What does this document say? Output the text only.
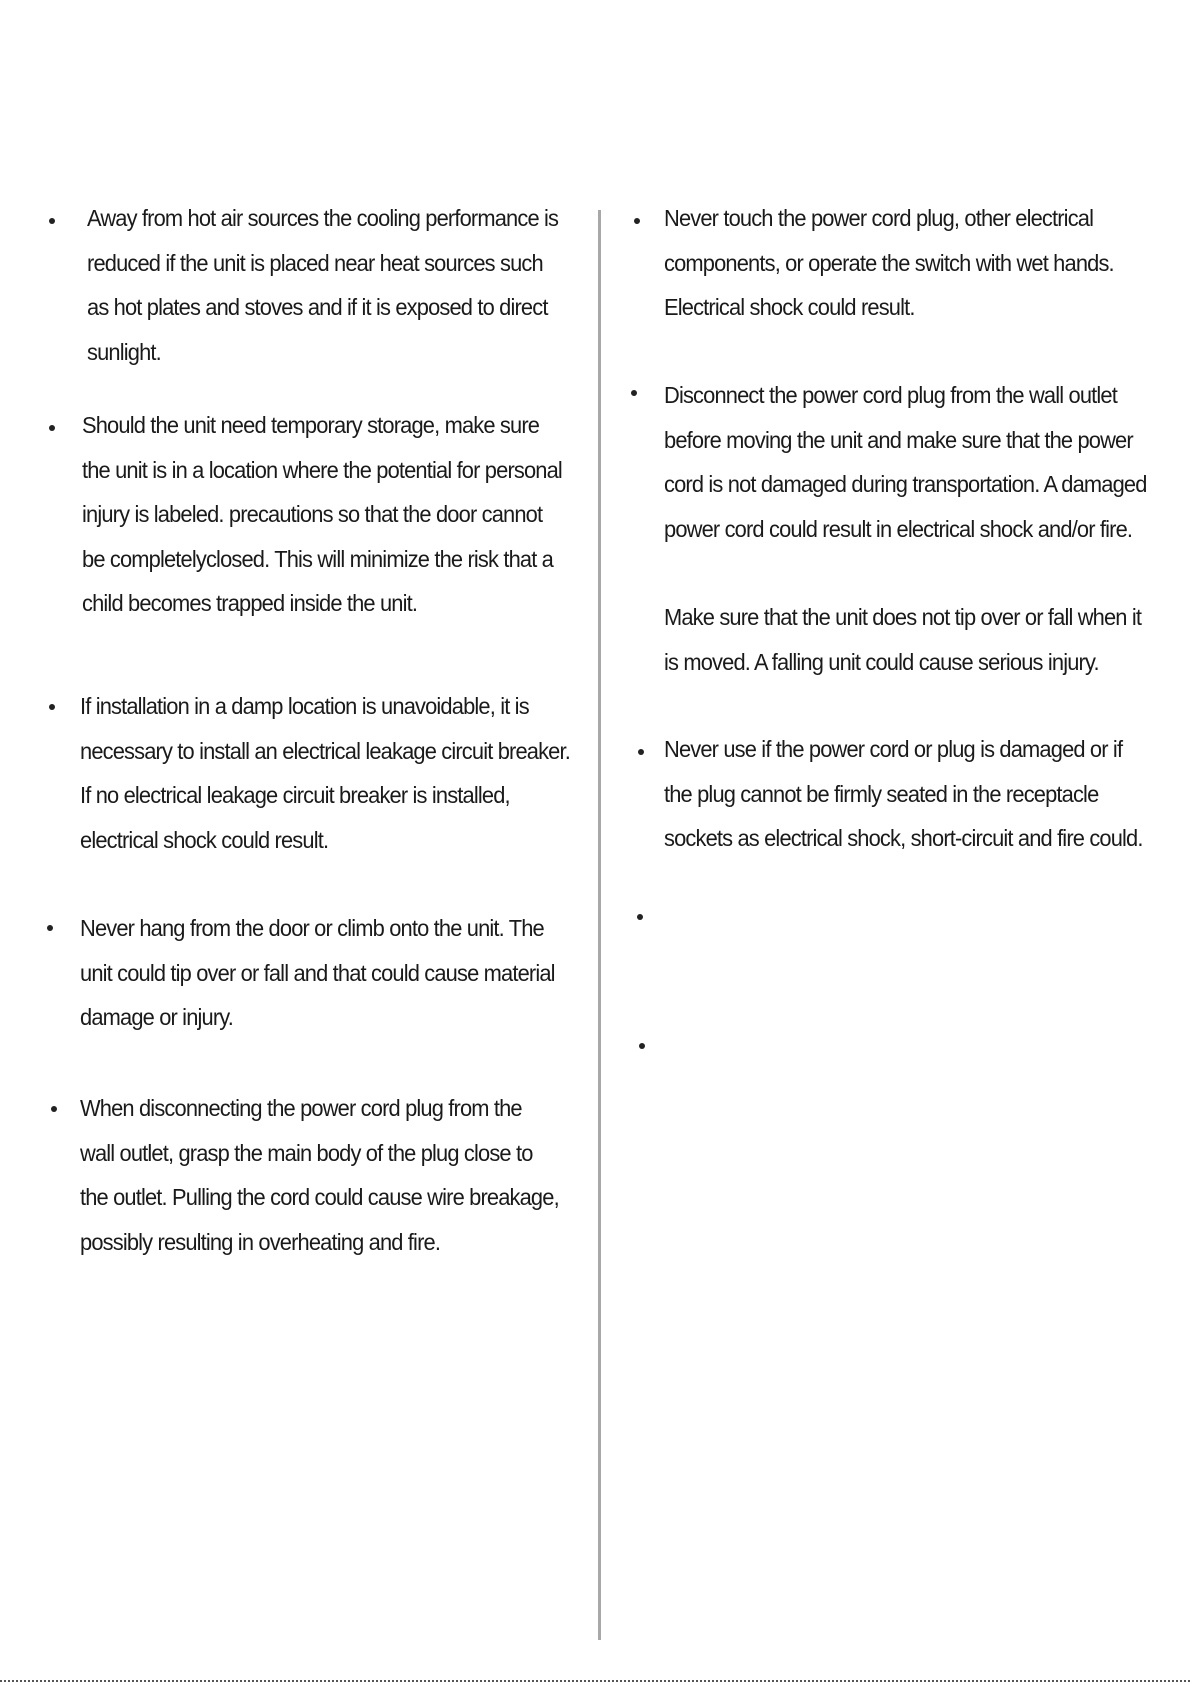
Away from hot air sources the cooling performance is
reduced if the unit is placed near heat sources such
as hot plates and stoves and if it is exposed to direct
sunlight.
Should the unit need temporary storage, make sure
the unit is in a location where the potential for personal
injury is labeled. precautions so that the door cannot
be completelyclosed. This will minimize the risk that a
child becomes trapped inside the unit.
If installation in a damp location is unavoidable, it is
necessary to install an electrical leakage circuit breaker.
If no electrical leakage circuit breaker is installed,
electrical shock could result.
Never hang from the door or climb onto the unit. The
unit could tip over or fall and that could cause material
damage or injury.
When disconnecting the power cord plug from the
wall outlet, grasp the main body of the plug close to
the outlet. Pulling the cord could cause wire breakage,
possibly resulting in overheating and fire.
Never touch the power cord plug, other electrical
components, or operate the switch with wet hands.
Electrical shock could result.
Disconnect the power cord plug from the wall outlet
before moving the unit and make sure that the power
cord is not damaged during transportation. A damaged
power cord could result in electrical shock and/or fire.
Make sure that the unit does not tip over or fall when it
is moved. A falling unit could cause serious injury.
Never use if the power cord or plug is damaged or if
the plug cannot be firmly seated in the receptacle
sockets as electrical shock, short-circuit and fire could.
